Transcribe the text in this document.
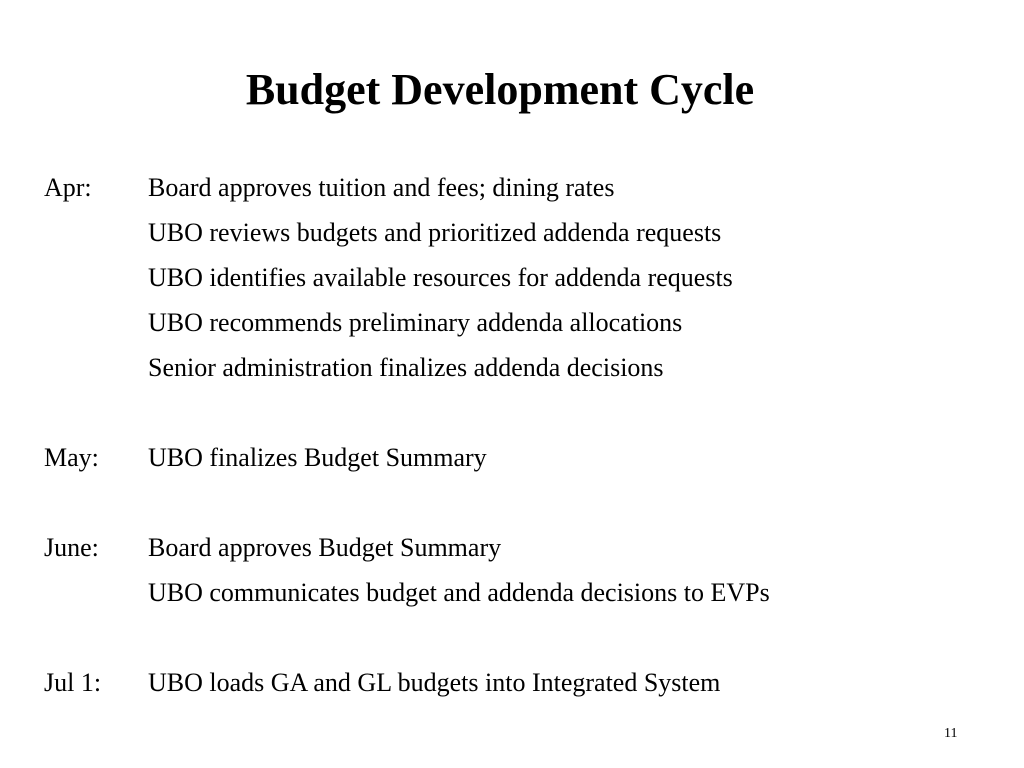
Budget Development Cycle
Apr: Board approves tuition and fees; dining rates
UBO reviews budgets and prioritized addenda requests
UBO identifies available resources for addenda requests
UBO recommends preliminary addenda allocations
Senior administration finalizes addenda decisions
May: UBO finalizes Budget Summary
June: Board approves Budget Summary
UBO communicates budget and addenda decisions to EVPs
Jul 1: UBO loads GA and GL budgets into Integrated System
11
